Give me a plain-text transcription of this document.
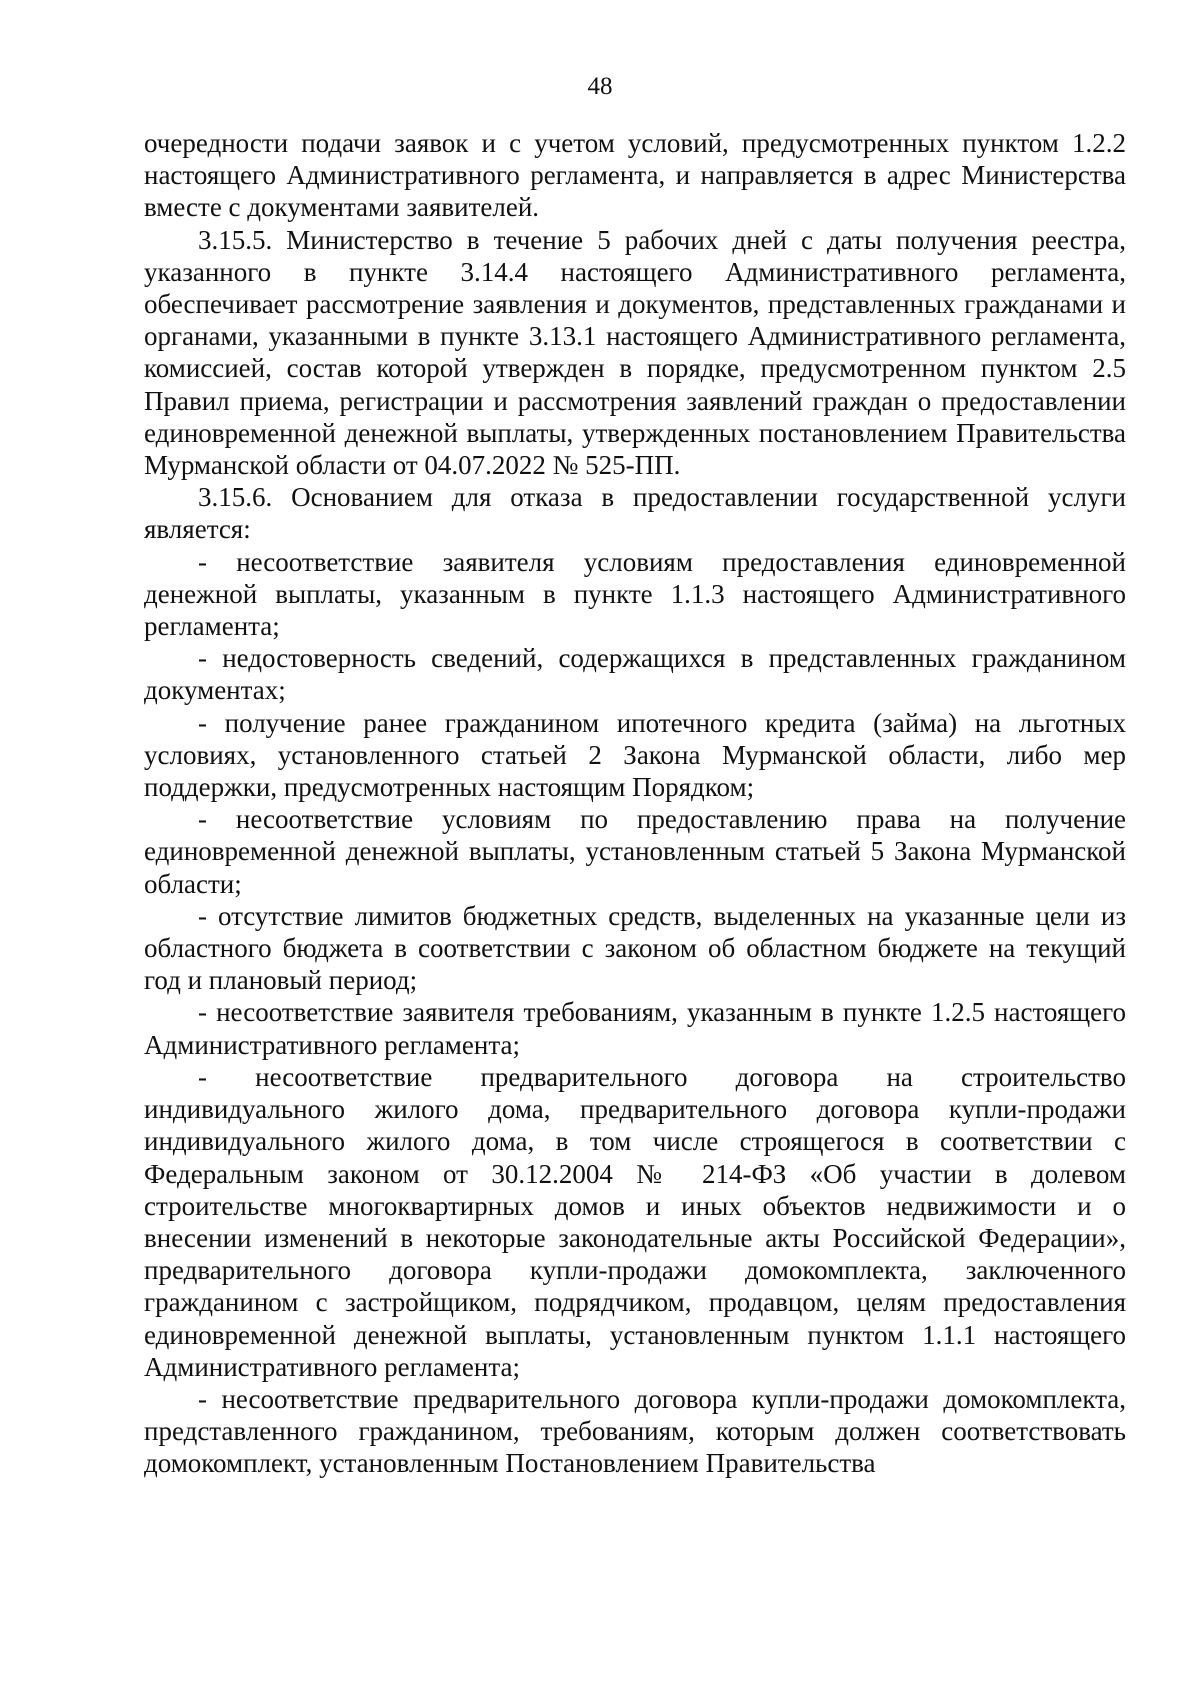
48

очередности подачи заявок и с учетом условий, предусмотренных пунктом 1.2.2 настоящего Административного регламента, и направляется в адрес Министерства вместе с документами заявителей.

3.15.5. Министерство в течение 5 рабочих дней с даты получения реестра, указанного в пункте 3.14.4 настоящего Административного регламента, обеспечивает рассмотрение заявления и документов, представленных гражданами и органами, указанными в пункте 3.13.1 настоящего Административного регламента, комиссией, состав которой утвержден в порядке, предусмотренном пунктом 2.5 Правил приема, регистрации и рассмотрения заявлений граждан о предоставлении единовременной денежной выплаты, утвержденных постановлением Правительства Мурманской области от 04.07.2022 № 525-ПП.

3.15.6. Основанием для отказа в предоставлении государственной услуги является:

- несоответствие заявителя условиям предоставления единовременной денежной выплаты, указанным в пункте 1.1.3 настоящего Административного регламента;

- недостоверность сведений, содержащихся в представленных гражданином документах;

- получение ранее гражданином ипотечного кредита (займа) на льготных условиях, установленного статьей 2 Закона Мурманской области, либо мер поддержки, предусмотренных настоящим Порядком;

- несоответствие условиям по предоставлению права на получение единовременной денежной выплаты, установленным статьей 5 Закона Мурманской области;

- отсутствие лимитов бюджетных средств, выделенных на указанные цели из областного бюджета в соответствии с законом об областном бюджете на текущий год и плановый период;

- несоответствие заявителя требованиям, указанным в пункте 1.2.5 настоящего Административного регламента;

- несоответствие предварительного договора на строительство индивидуального жилого дома, предварительного договора купли-продажи индивидуального жилого дома, в том числе строящегося в соответствии с Федеральным законом от 30.12.2004 № 214-ФЗ «Об участии в долевом строительстве многоквартирных домов и иных объектов недвижимости и о внесении изменений в некоторые законодательные акты Российской Федерации», предварительного договора купли-продажи домокомплекта, заключенного гражданином с застройщиком, подрядчиком, продавцом, целям предоставления единовременной денежной выплаты, установленным пунктом 1.1.1 настоящего Административного регламента;

- несоответствие предварительного договора купли-продажи домокомплекта, представленного гражданином, требованиям, которым должен соответствовать домокомплект, установленным Постановлением Правительства
